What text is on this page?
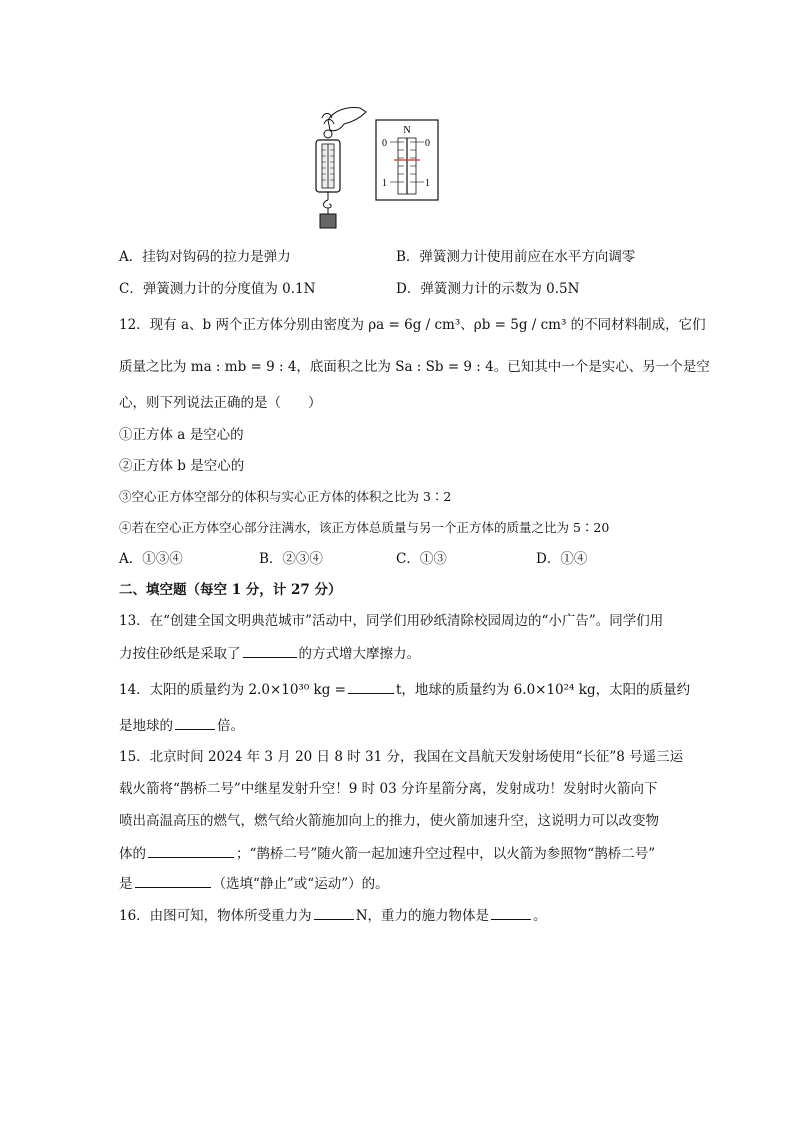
N
0	0
1	1
A．挂钩对钩码的拉力是弹力	B．弹簧测力计使用前应在水平方向调零
C．弹簧测力计的分度值为 0.1N	D．弹簧测力计的示数为 0.5N
12．现有 a、b 两个正方体分别由密度为 ρa = 6g / cm³、ρb = 5g / cm³ 的不同材料制成，它们
质量之比为 ma : mb = 9 : 4，底面积之比为 Sa : Sb = 9 : 4。已知其中一个是实心、另一个是空
心，则下列说法正确的是（　　）
①正方体 a 是空心的
②正方体 b 是空心的
③空心正方体空部分的体积与实心正方体的体积之比为 3∶2
④若在空心正方体空心部分注满水，该正方体总质量与另一个正方体的质量之比为 5∶20
A．①③④	B．②③④	C．①③	D．①④
二、填空题（每空 1 分，计 27 分）
13．在“创建全国文明典范城市”活动中，同学们用砂纸清除校园周边的“小广告”。同学们用
力按住砂纸是采取了	的方式增大摩擦力。
14．太阳的质量约为 2.0×10³⁰ kg =	t，地球的质量约为 6.0×10²⁴ kg，太阳的质量约
是地球的	倍。
15．北京时间 2024 年 3 月 20 日 8 时 31 分，我国在文昌航天发射场使用“长征”8 号遥三运
载火箭将“鹊桥二号”中继星发射升空！9 时 03 分许星箭分离，发射成功！发射时火箭向下
喷出高温高压的燃气，燃气给火箭施加向上的推力，使火箭加速升空，这说明力可以改变物
体的	；“鹊桥二号”随火箭一起加速升空过程中，以火箭为参照物“鹊桥二号”
是	（选填“静止”或“运动”）的。
16．由图可知，物体所受重力为	N，重力的施力物体是	。
